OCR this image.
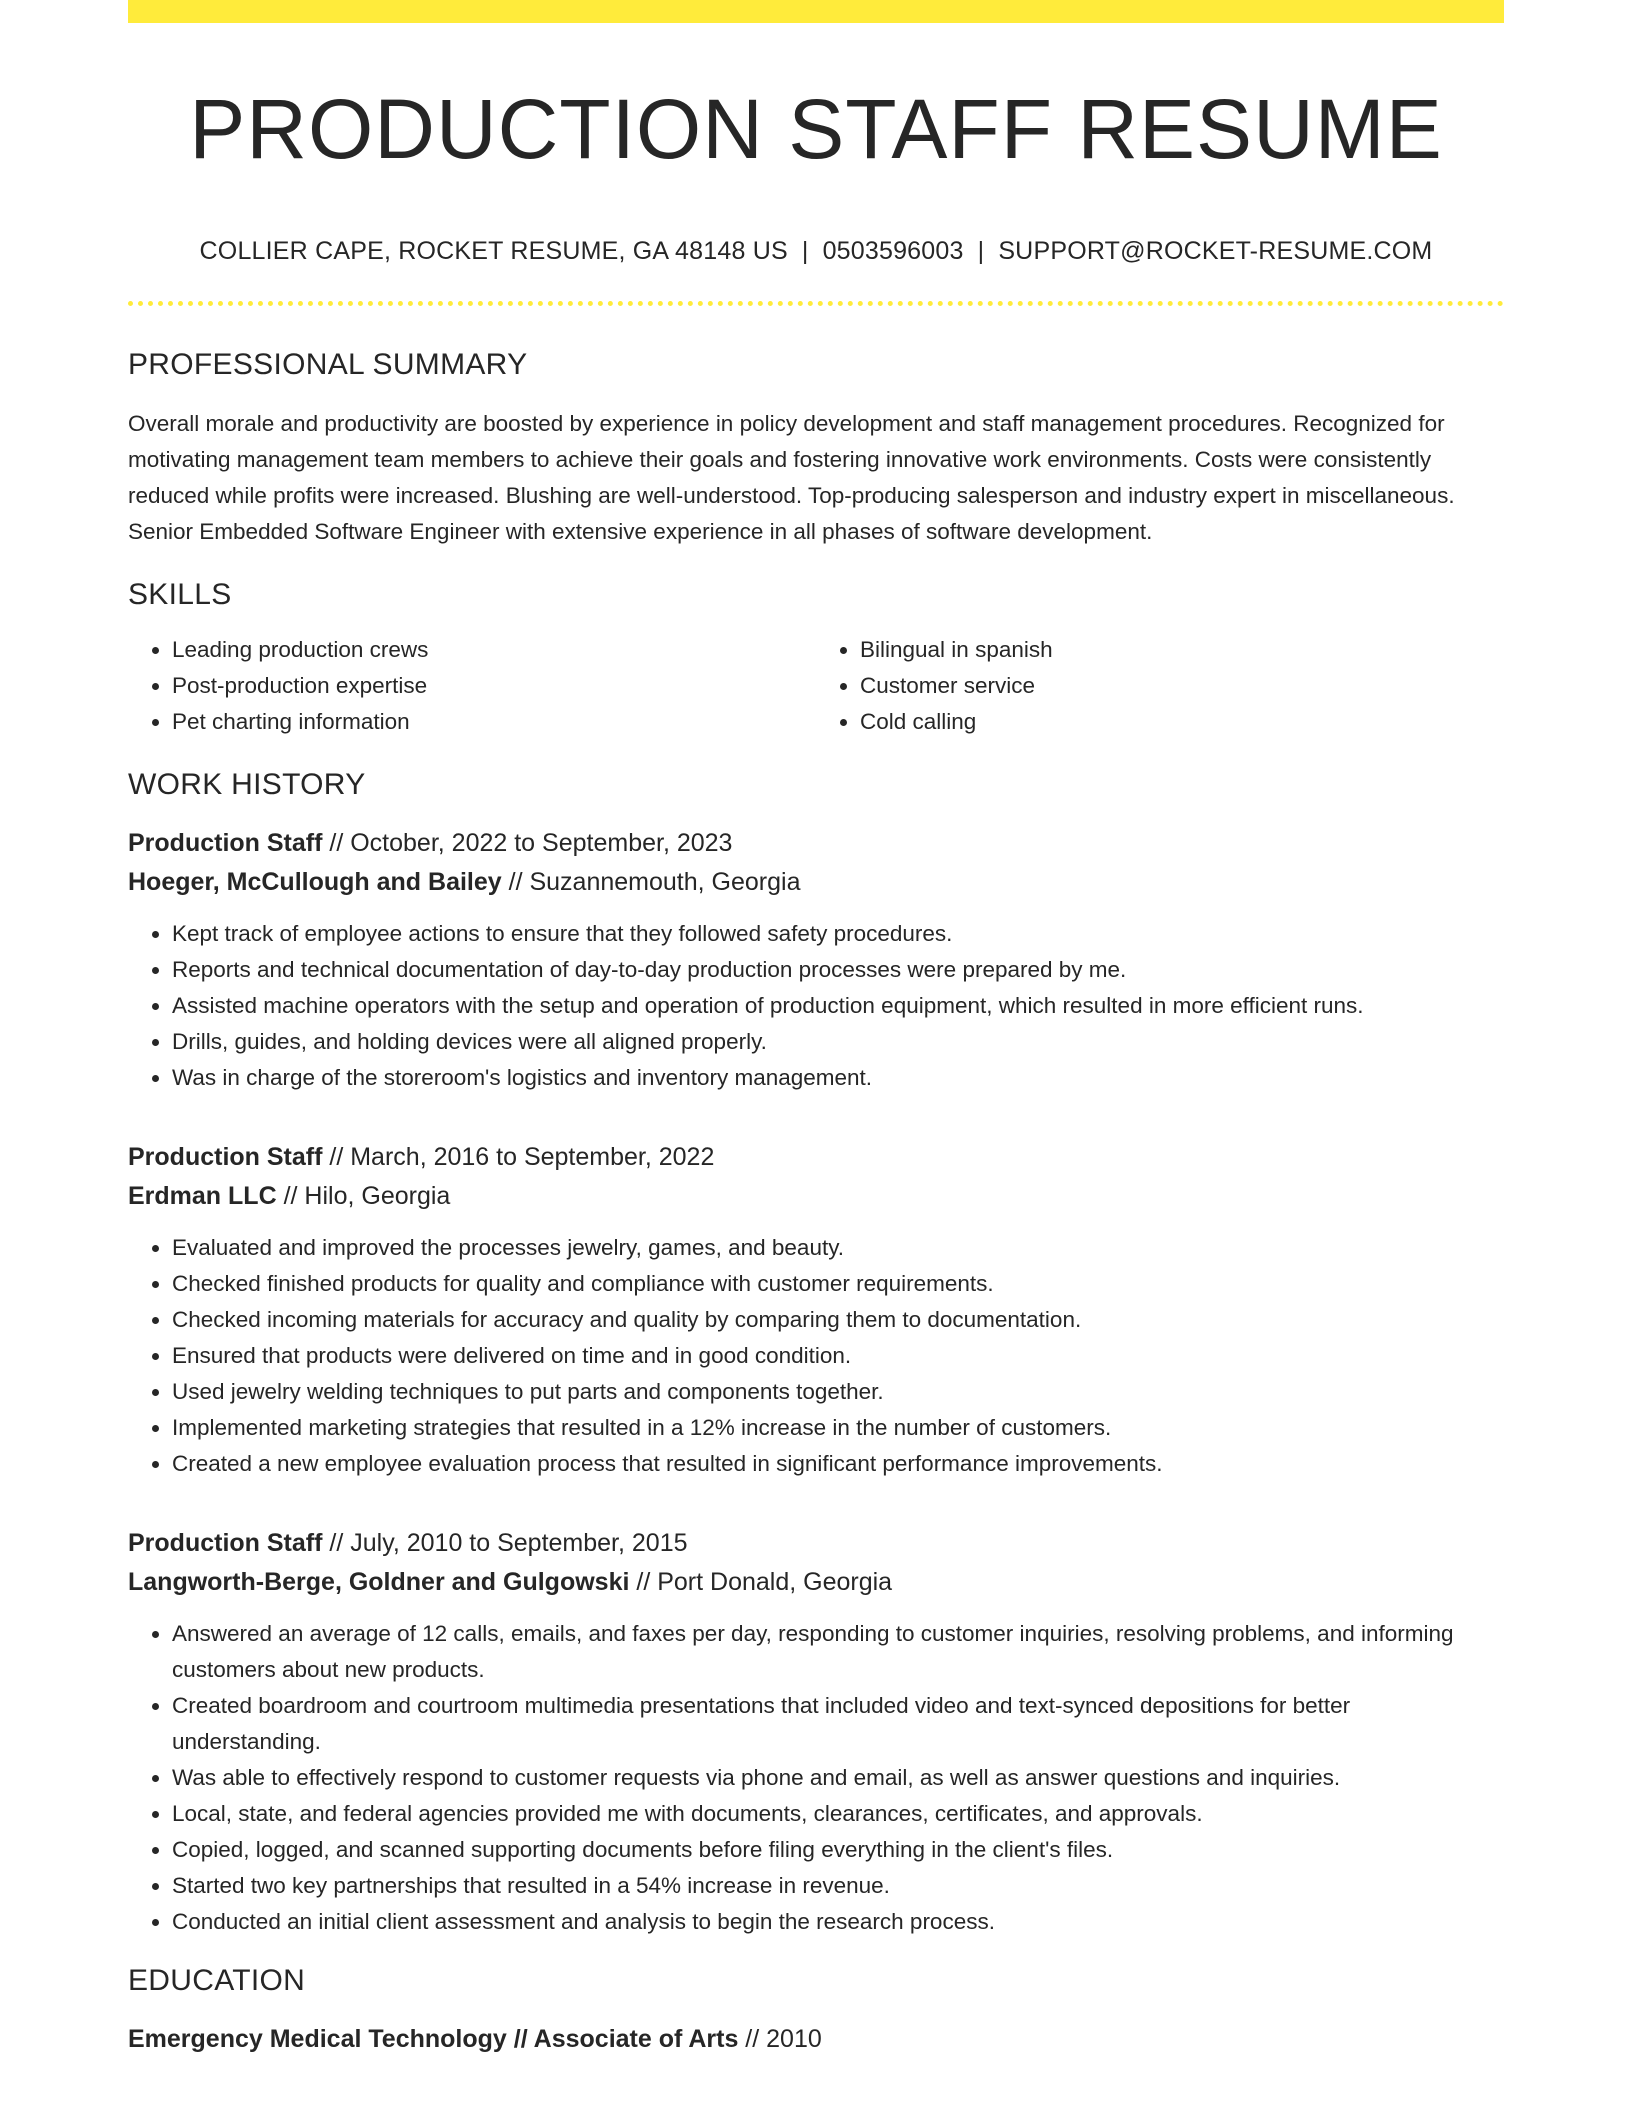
PRODUCTION STAFF RESUME
COLLIER CAPE, ROCKET RESUME, GA 48148 US | 0503596003 | SUPPORT@ROCKET-RESUME.COM
PROFESSIONAL SUMMARY
Overall morale and productivity are boosted by experience in policy development and staff management procedures. Recognized for motivating management team members to achieve their goals and fostering innovative work environments. Costs were consistently reduced while profits were increased. Blushing are well-understood. Top-producing salesperson and industry expert in miscellaneous. Senior Embedded Software Engineer with extensive experience in all phases of software development.
SKILLS
• Leading production crews
• Post-production expertise
• Pet charting information
• Bilingual in spanish
• Customer service
• Cold calling
WORK HISTORY
Production Staff // October, 2022 to September, 2023
Hoeger, McCullough and Bailey // Suzannemouth, Georgia
• Kept track of employee actions to ensure that they followed safety procedures.
• Reports and technical documentation of day-to-day production processes were prepared by me.
• Assisted machine operators with the setup and operation of production equipment, which resulted in more efficient runs.
• Drills, guides, and holding devices were all aligned properly.
• Was in charge of the storeroom's logistics and inventory management.
Production Staff // March, 2016 to September, 2022
Erdman LLC // Hilo, Georgia
• Evaluated and improved the processes jewelry, games, and beauty.
• Checked finished products for quality and compliance with customer requirements.
• Checked incoming materials for accuracy and quality by comparing them to documentation.
• Ensured that products were delivered on time and in good condition.
• Used jewelry welding techniques to put parts and components together.
• Implemented marketing strategies that resulted in a 12% increase in the number of customers.
• Created a new employee evaluation process that resulted in significant performance improvements.
Production Staff // July, 2010 to September, 2015
Langworth-Berge, Goldner and Gulgowski // Port Donald, Georgia
• Answered an average of 12 calls, emails, and faxes per day, responding to customer inquiries, resolving problems, and informing customers about new products.
• Created boardroom and courtroom multimedia presentations that included video and text-synced depositions for better understanding.
• Was able to effectively respond to customer requests via phone and email, as well as answer questions and inquiries.
• Local, state, and federal agencies provided me with documents, clearances, certificates, and approvals.
• Copied, logged, and scanned supporting documents before filing everything in the client's files.
• Started two key partnerships that resulted in a 54% increase in revenue.
• Conducted an initial client assessment and analysis to begin the research process.
EDUCATION
Emergency Medical Technology // Associate of Arts // 2010
